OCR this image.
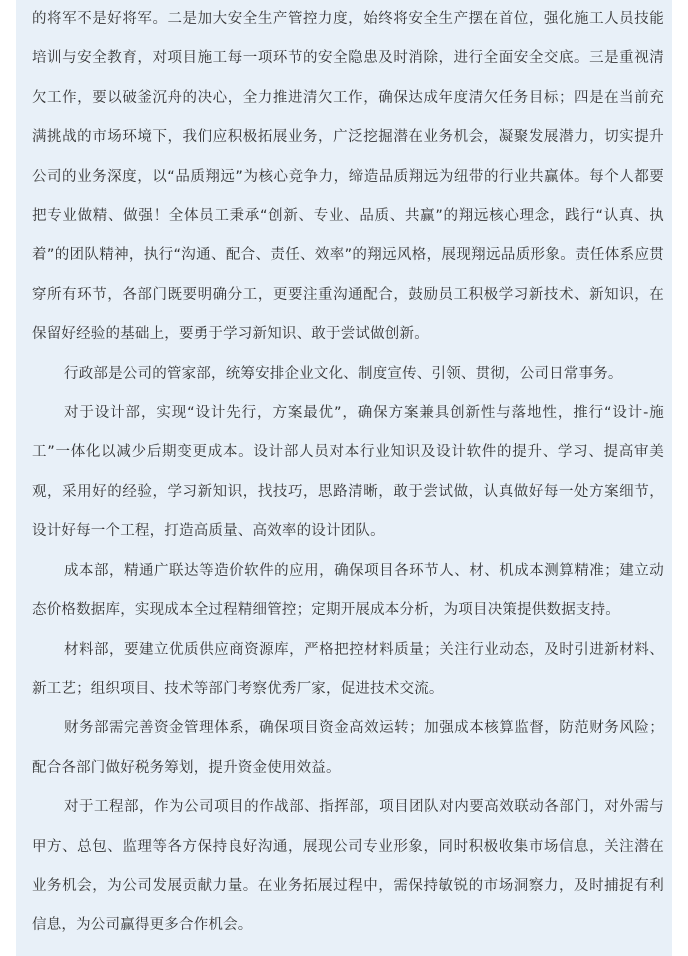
的将军不是好将军。二是加大安全生产管控力度，始终将安全生产摆在首位，强化施工人员技能培训与安全教育，对项目施工每一项环节的安全隐患及时消除，进行全面安全交底。三是重视清欠工作，要以破釜沉舟的决心，全力推进清欠工作，确保达成年度清欠任务目标；四是在当前充满挑战的市场环境下，我们应积极拓展业务，广泛挖掘潜在业务机会，凝聚发展潜力，切实提升公司的业务深度，以“品质翔远”为核心竞争力，缔造品质翔远为纽带的行业共赢体。每个人都要把专业做精、做强！全体员工秉承“创新、专业、品质、共赢”的翔远核心理念，践行“认真、执着”的团队精神，执行“沟通、配合、责任、效率”的翔远风格，展现翔远品质形象。责任体系应贯穿所有环节，各部门既要明确分工，更要注重沟通配合，鼓励员工积极学习新技术、新知识，在保留好经验的基础上，要勇于学习新知识、敢于尝试做创新。

行政部是公司的管家部，统筹安排企业文化、制度宣传、引领、贯彻，公司日常事务。

对于设计部，实现“设计先行，方案最优”，确保方案兼具创新性与落地性，推行“设计-施工”一体化以减少后期变更成本。设计部人员对本行业知识及设计软件的提升、学习、提高审美观，采用好的经验，学习新知识，找技巧，思路清晰，敢于尝试做，认真做好每一处方案细节，设计好每一个工程，打造高质量、高效率的设计团队。

成本部，精通广联达等造价软件的应用，确保项目各环节人、材、机成本测算精准；建立动态价格数据库，实现成本全过程精细管控；定期开展成本分析，为项目决策提供数据支持。

材料部，要建立优质供应商资源库，严格把控材料质量；关注行业动态，及时引进新材料、新工艺；组织项目、技术等部门考察优秀厂家，促进技术交流。

财务部需完善资金管理体系，确保项目资金高效运转；加强成本核算监督，防范财务风险；配合各部门做好税务筹划，提升资金使用效益。

对于工程部，作为公司项目的作战部、指挥部，项目团队对内要高效联动各部门，对外需与甲方、总包、监理等各方保持良好沟通，展现公司专业形象，同时积极收集市场信息，关注潜在业务机会，为公司发展贡献力量。在业务拓展过程中，需保持敏锐的市场洞察力，及时捕捉有利信息，为公司赢得更多合作机会。
